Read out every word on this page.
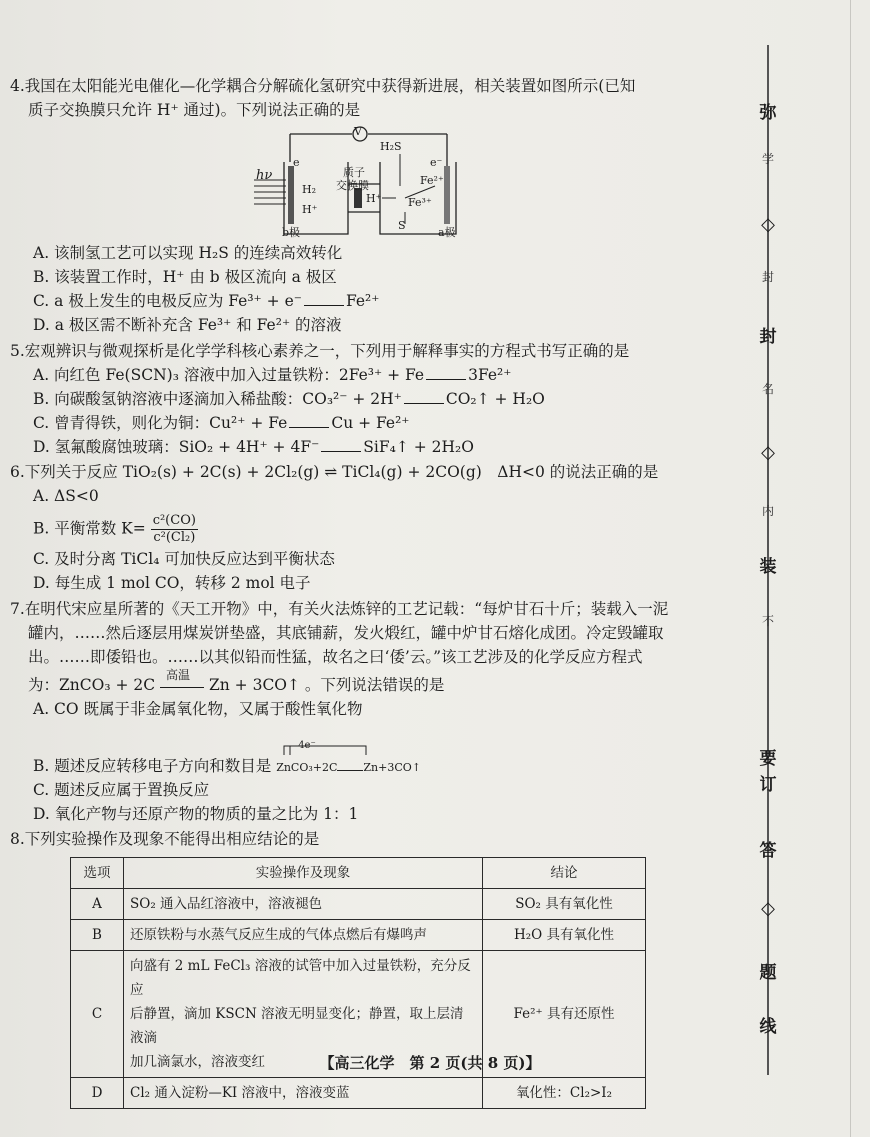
4.我国在太阳能光电催化—化学耦合分解硫化氢研究中获得新进展，相关装置如图所示(已知
质子交换膜只允许 H⁺ 通过)。下列说法正确的是
V
hν
e
H₂
H⁺
质子
交换膜
H⁺
H₂S
e⁻
Fe²⁺
Fe³⁺
S
b极	a极
A. 该制氢工艺可以实现 H₂S 的连续高效转化
B. 该装置工作时，H⁺ 由 b 极区流向 a 极区
C. a 极上发生的电极反应为 Fe³⁺ + e⁻	Fe²⁺
D. a 极区需不断补充含 Fe³⁺ 和 Fe²⁺ 的溶液
5.宏观辨识与微观探析是化学学科核心素养之一，下列用于解释事实的方程式书写正确的是
A. 向红色 Fe(SCN)₃ 溶液中加入过量铁粉：2Fe³⁺ + Fe	3Fe²⁺
B. 向碳酸氢钠溶液中逐滴加入稀盐酸：CO₃²⁻ + 2H⁺	CO₂↑ + H₂O
C. 曾青得铁，则化为铜：Cu²⁺ + Fe	Cu + Fe²⁺
D. 氢氟酸腐蚀玻璃：SiO₂ + 4H⁺ + 4F⁻	SiF₄↑ + 2H₂O
6.下列关于反应 TiO₂(s) + 2C(s) + 2Cl₂(g) ⇌ TiCl₄(g) + 2CO(g)　ΔH<0 的说法正确的是
A. ΔS<0
B. 平衡常数 $K= \frac{\text{c²(CO)}}{\text{c²(Cl₂)}}$
C. 及时分离 TiCl₄ 可加快反应达到平衡状态
D. 每生成 1 mol CO，转移 2 mol 电子
7.在明代宋应星所著的《天工开物》中，有关火法炼锌的工艺记载：“每炉甘石十斤；装载入一泥
罐内，……然后逐层用煤炭饼垫盛，其底铺薪，发火煅红，罐中炉甘石熔化成团。冷定毁罐取
出。……即倭铅也。……以其似铅而性猛，故名之曰‘倭’云。”该工艺涉及的化学反应方程式
为：ZnCO₃ + 2C
高温
Zn + 3CO↑ 。下列说法错误的是
A. CO 既属于非金属氧化物，又属于酸性氧化物
B. 题述反应转移电子方向和数目是
4e⁻
ZnCO₃+2C Zn+3CO↑
C. 题述反应属于置换反应
D. 氧化产物与还原产物的物质的量之比为 1：1
8.下列实验操作及现象不能得出相应结论的是
选项	实验操作及现象	结论
A	SO₂ 通入品红溶液中，溶液褪色	SO₂ 具有氧化性
B	还原铁粉与水蒸气反应生成的气体点燃后有爆鸣声	H₂O 具有氧化性
C	向盛有 2 mL FeCl₃ 溶液的试管中加入过量铁粉，充分反应
后静置，滴加 KSCN 溶液无明显变化；静置，取上层清液滴
加几滴氯水，溶液变红	Fe²⁺ 具有还原性
D	Cl₂ 通入淀粉—KI 溶液中，溶液变蓝	氧化性：Cl₂>I₂
【高三化学　第 2 页(共 8 页)】
弥
学
◇
封
封
名
◇
内
装
不
要
订
答
◇
题
线
